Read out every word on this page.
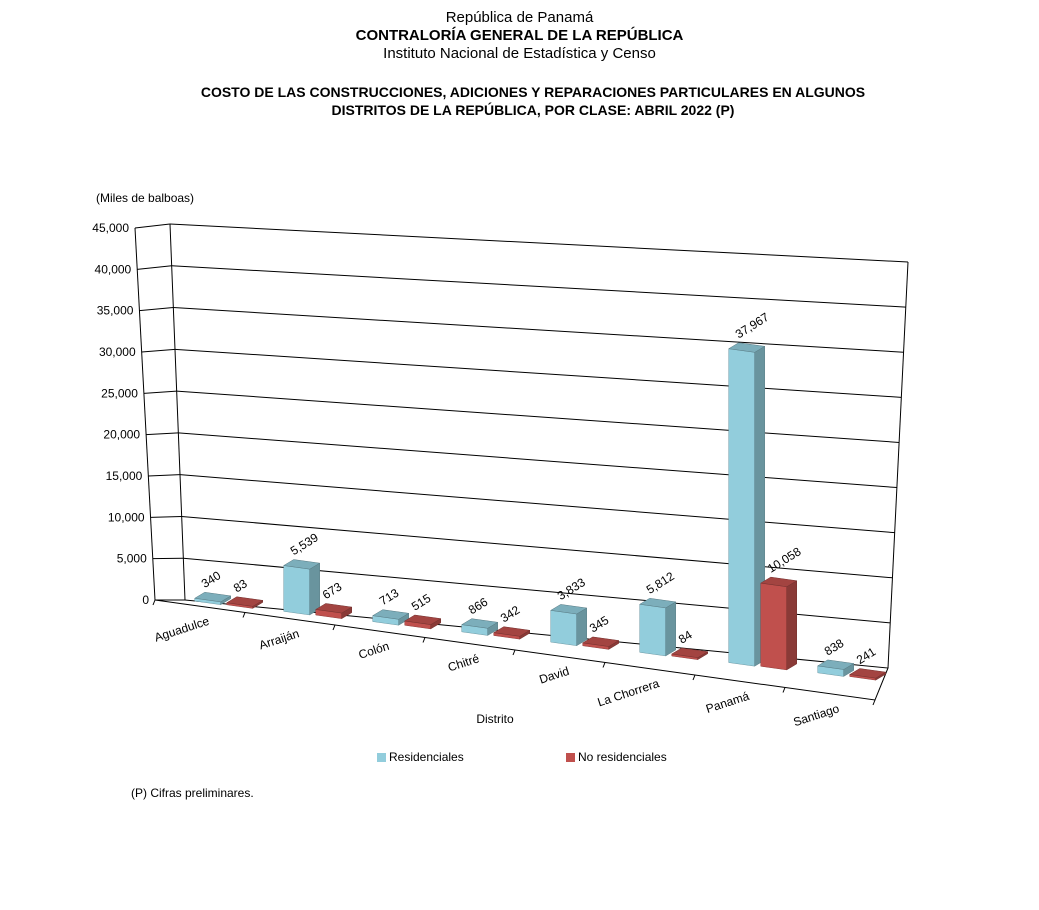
República de Panamá
CONTRALORÍA GENERAL DE LA REPÚBLICA
Instituto Nacional de Estadística y Censo
COSTO DE LAS CONSTRUCCIONES, ADICIONES Y REPARACIONES PARTICULARES EN ALGUNOS
DISTRITOS DE LA REPÚBLICA, POR CLASE: ABRIL 2022 (P)
(Miles de balboas)
0
5,000
10,000
15,000
20,000
25,000
30,000
35,000
40,000
45,000
340 83
Aguadulce
5,539
673
Arraiján
713 515
Colón
866 342
Chitré
3,833
345
David
5,812
84
La Chorrera
37,967
10,058
Panamá
838 241
Santiago
Distrito
Residenciales	No residenciales
(P) Cifras preliminares.
